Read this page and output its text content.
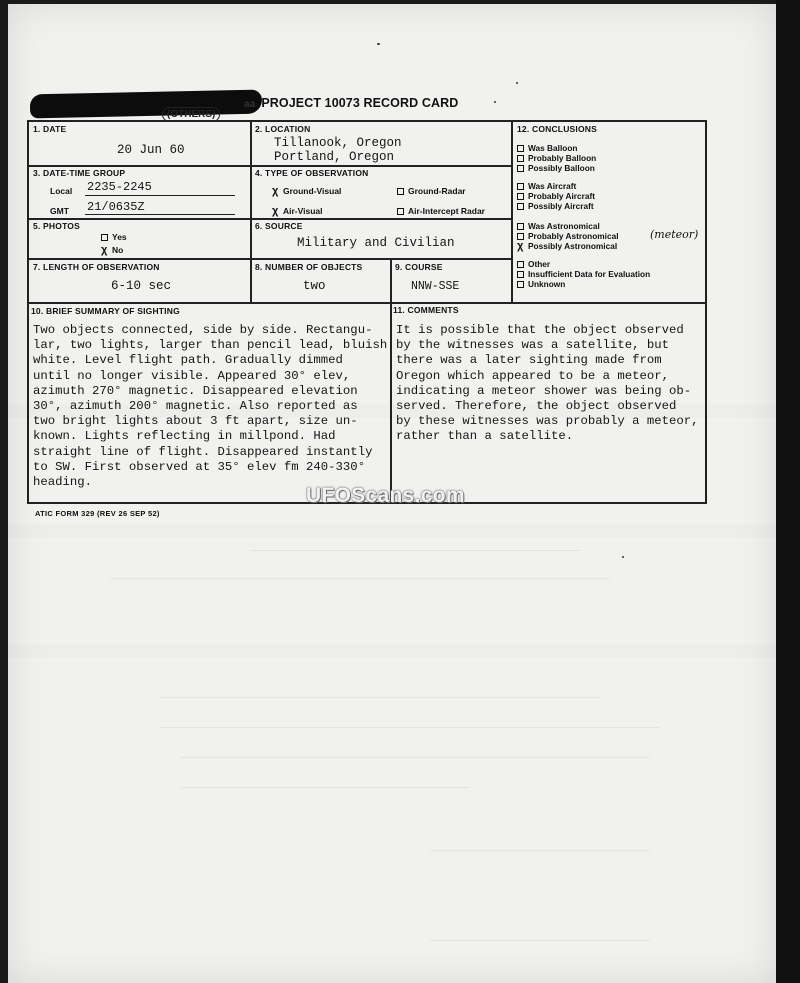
(OTHERS)
aa PROJECT 10073 RECORD CARD
1. DATE
20 Jun 60
2. LOCATION
Tillanook, Oregon
Portland, Oregon
3. DATE-TIME GROUP
Local 2235-2245
GMT 21/0635Z
4. TYPE OF OBSERVATION
χ Ground-Visual	Ground-Radar
χ Air-Visual	Air-Intercept Radar
5. PHOTOS
Yes
χ No
6. SOURCE
Military and Civilian
7. LENGTH OF OBSERVATION
6-10 sec
8. NUMBER OF OBJECTS
two
9. COURSE
NNW-SSE
12. CONCLUSIONS
Was Balloon
Probably Balloon
Possibly Balloon
Was Aircraft
Probably Aircraft
Possibly Aircraft
Was Astronomical
Probably Astronomical
χ Possibly Astronomical
Other
Insufficient Data for Evaluation
Unknown
(meteor)
10. BRIEF SUMMARY OF SIGHTING
Two objects connected, side by side. Rectangu-
lar, two lights, larger than pencil lead, bluish
white. Level flight path. Gradually dimmed
until no longer visible. Appeared 30° elev,
azimuth 270° magnetic. Disappeared elevation
30°, azimuth 200° magnetic. Also reported as
two bright lights about 3 ft apart, size un-
known. Lights reflecting in millpond. Had
straight line of flight. Disappeared instantly
to SW. First observed at 35° elev fm 240-330°
heading.
11. COMMENTS
It is possible that the object observed
by the witnesses was a satellite, but
there was a later sighting made from
Oregon which appeared to be a meteor,
indicating a meteor shower was being ob-
served. Therefore, the object observed
by these witnesses was probably a meteor,
rather than a satellite.
ATIC FORM 329 (REV 26 SEP 52)
UFOScans.com
